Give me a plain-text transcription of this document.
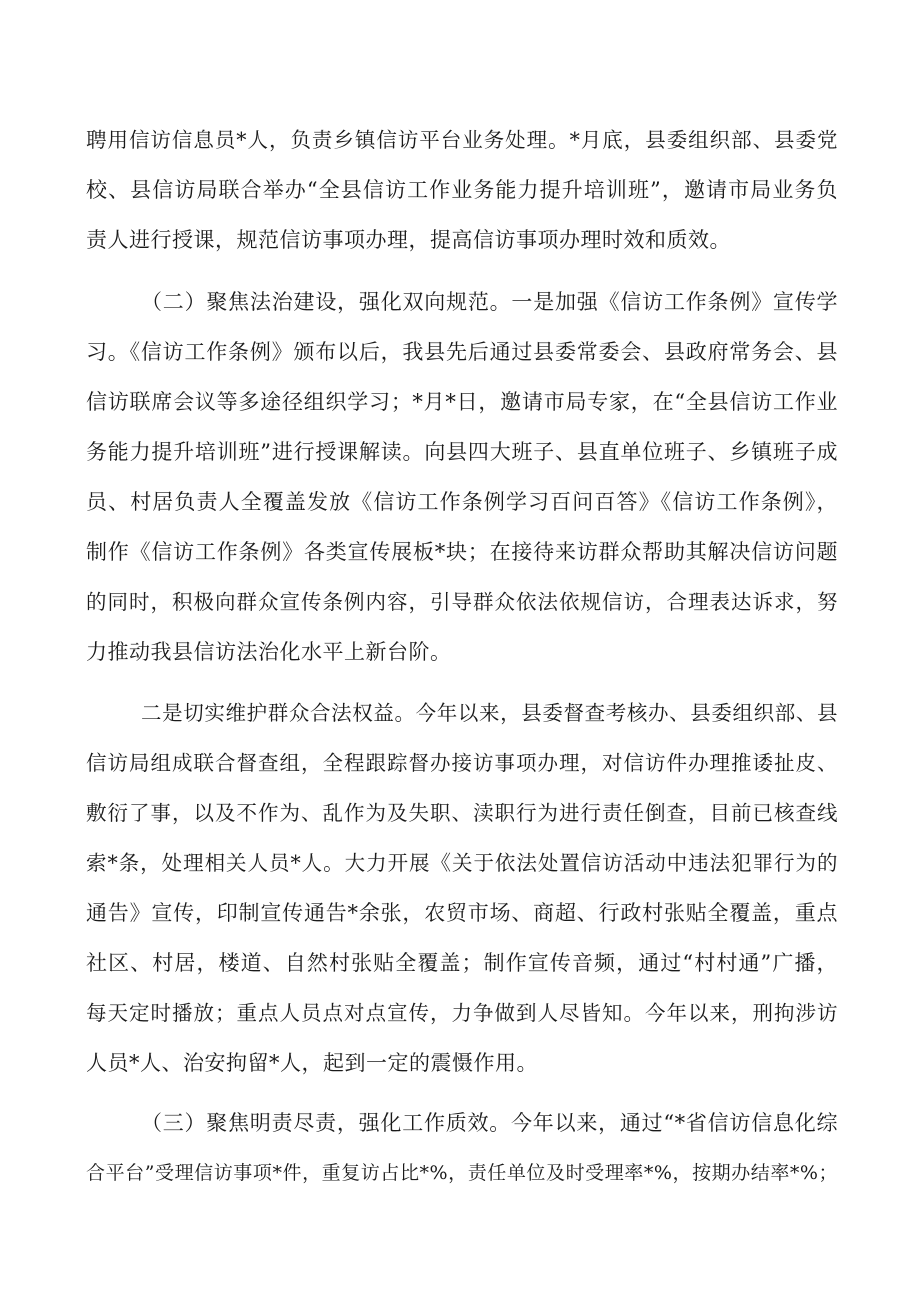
聘用信访信息员*人，负责乡镇信访平台业务处理。*月底，县委组织部、县委党
校、县信访局联合举办“全县信访工作业务能力提升培训班”，邀请市局业务负
责人进行授课，规范信访事项办理，提高信访事项办理时效和质效。
（二）聚焦法治建设，强化双向规范。一是加强《信访工作条例》宣传学
习。《信访工作条例》颁布以后，我县先后通过县委常委会、县政府常务会、县
信访联席会议等多途径组织学习；*月*日，邀请市局专家，在“全县信访工作业
务能力提升培训班”进行授课解读。向县四大班子、县直单位班子、乡镇班子成
员、村居负责人全覆盖发放《信访工作条例学习百问百答》《信访工作条例》，
制作《信访工作条例》各类宣传展板*块；在接待来访群众帮助其解决信访问题
的同时，积极向群众宣传条例内容，引导群众依法依规信访，合理表达诉求，努
力推动我县信访法治化水平上新台阶。
二是切实维护群众合法权益。今年以来，县委督查考核办、县委组织部、县
信访局组成联合督查组，全程跟踪督办接访事项办理，对信访件办理推诿扯皮、
敷衍了事，以及不作为、乱作为及失职、渎职行为进行责任倒查，目前已核查线
索*条，处理相关人员*人。大力开展《关于依法处置信访活动中违法犯罪行为的
通告》宣传，印制宣传通告*余张，农贸市场、商超、行政村张贴全覆盖，重点
社区、村居，楼道、自然村张贴全覆盖；制作宣传音频，通过“村村通”广播，
每天定时播放；重点人员点对点宣传，力争做到人尽皆知。今年以来，刑拘涉访
人员*人、治安拘留*人，起到一定的震慑作用。
（三）聚焦明责尽责，强化工作质效。今年以来，通过“*省信访信息化综
合平台”受理信访事项*件，重复访占比*%，责任单位及时受理率*%，按期办结率*%；
